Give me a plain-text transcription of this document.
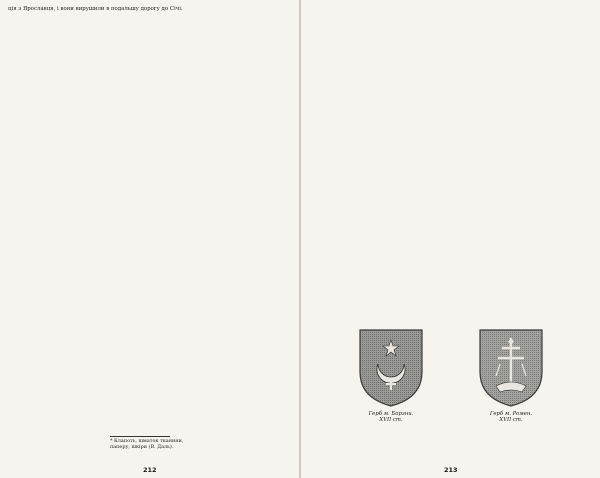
ція з Ярославця, і вони вирушили в подальшу дорогу до Січі.

* Клапоть, шматок тканини, паперу, шкіри (В. Даль).
212

Герб м. Борзни.
XVII ст.
Герб м. Ромен.
XVII ст.
213
